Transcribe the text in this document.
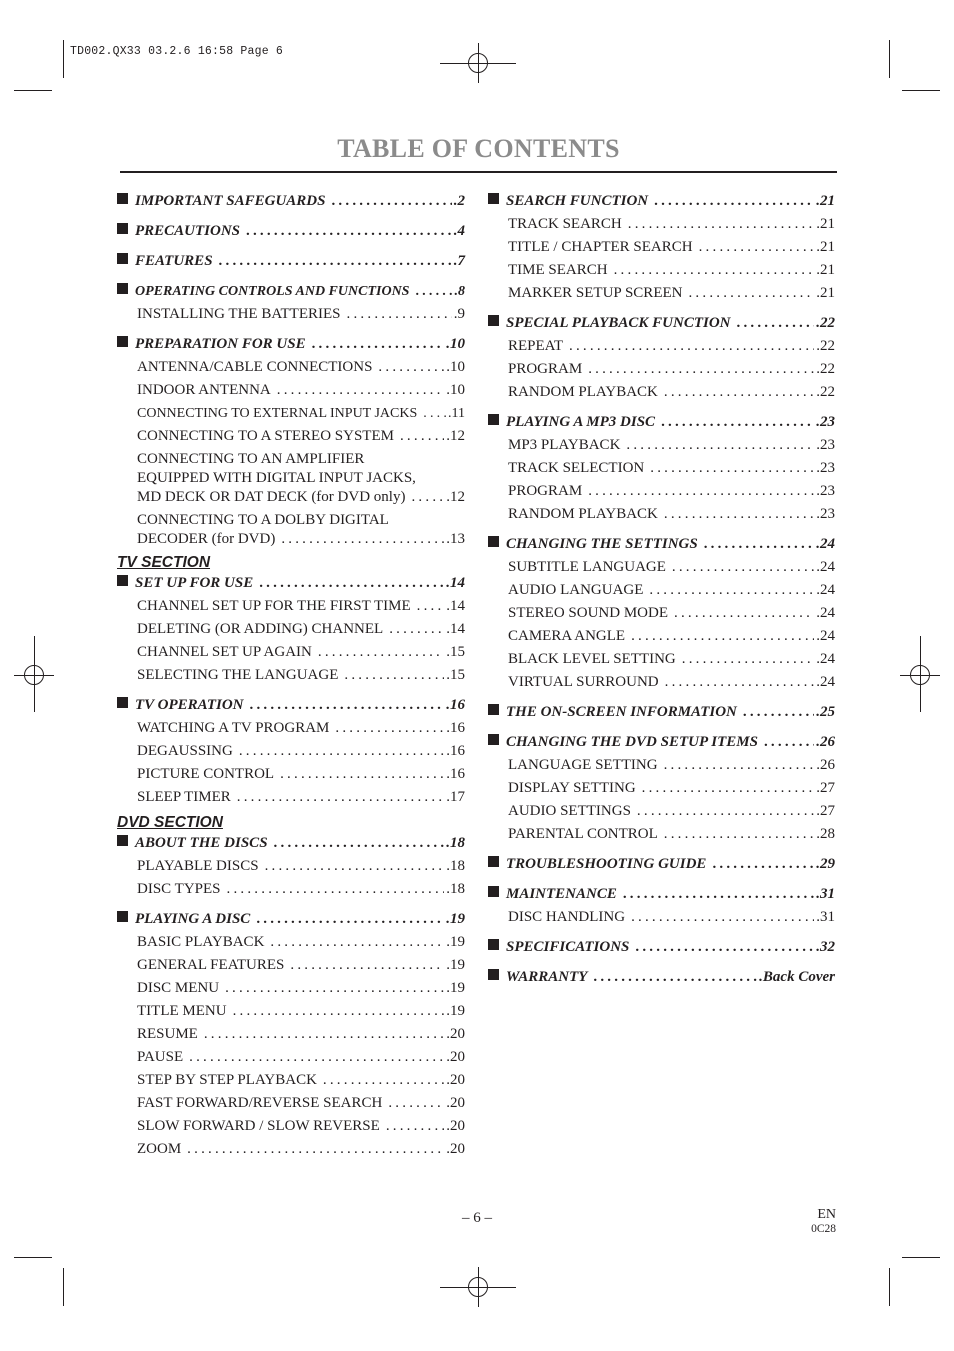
TD002.QX33 03.2.6 16:58 Page 6
TABLE OF CONTENTS
IMPORTANT SAFEGUARDS .....	.2
PRECAUTIONS .....	.4
FEATURES .....	.7
OPERATING CONTROLS AND FUNCTIONS .....	.8
INSTALLING THE BATTERIES .....	.9
PREPARATION FOR USE .....	.10
ANTENNA/CABLE CONNECTIONS .....	.10
INDOOR ANTENNA .....	.10
CONNECTING TO EXTERNAL INPUT JACKS ..... .11
CONNECTING TO A STEREO SYSTEM .....	.12
CONNECTING TO AN AMPLIFIER
EQUIPPED WITH DIGITAL INPUT JACKS,
MD DECK OR DAT DECK (for DVD only) .....	.12
CONNECTING TO A DOLBY DIGITAL
DECODER (for DVD) .....	.13
TV SECTION
SET UP FOR USE .....	.14
CHANNEL SET UP FOR THE FIRST TIME ..... .14
DELETING (OR ADDING) CHANNEL .....	.14
CHANNEL SET UP AGAIN .....	.15
SELECTING THE LANGUAGE .....	.15
TV OPERATION .....	.16
WATCHING A TV PROGRAM .....	.16
DEGAUSSING .....	.16
PICTURE CONTROL .....	.16
SLEEP TIMER .....	.17
DVD SECTION
ABOUT THE DISCS .....	.18
PLAYABLE DISCS .....	.18
DISC TYPES .....	.18
PLAYING A DISC .....	.19
BASIC PLAYBACK .....	.19
GENERAL FEATURES .....	.19
DISC MENU .....	.19
TITLE MENU .....	.19
RESUME .....	.20
PAUSE .....	.20
STEP BY STEP PLAYBACK .....	.20
FAST FORWARD/REVERSE SEARCH .....	.20
SLOW FORWARD / SLOW REVERSE .....	.20
ZOOM .....	.20
SEARCH FUNCTION .....	.21
TRACK SEARCH .....	.21
TITLE / CHAPTER SEARCH .....	.21
TIME SEARCH .....	.21
MARKER SETUP SCREEN .....	.21
SPECIAL PLAYBACK FUNCTION .....	.22
REPEAT .....	.22
PROGRAM .....	.22
RANDOM PLAYBACK .....	.22
PLAYING A MP3 DISC .....	.23
MP3 PLAYBACK .....	.23
TRACK SELECTION .....	.23
PROGRAM .....	.23
RANDOM PLAYBACK .....	.23
CHANGING THE SETTINGS .....	.24
SUBTITLE LANGUAGE .....	.24
AUDIO LANGUAGE .....	.24
STEREO SOUND MODE .....	.24
CAMERA ANGLE .....	.24
BLACK LEVEL SETTING .....	.24
VIRTUAL SURROUND .....	.24
THE ON-SCREEN INFORMATION .....	.25
CHANGING THE DVD SETUP ITEMS .....	.26
LANGUAGE SETTING .....	.26
DISPLAY SETTING .....	.27
AUDIO SETTINGS .....	.27
PARENTAL CONTROL .....	.28
TROUBLESHOOTING GUIDE .....	.29
MAINTENANCE .....	.31
DISC HANDLING .....	.31
SPECIFICATIONS .....	.32
WARRANTY .....	.Back Cover
– 6 –	EN
0C28
